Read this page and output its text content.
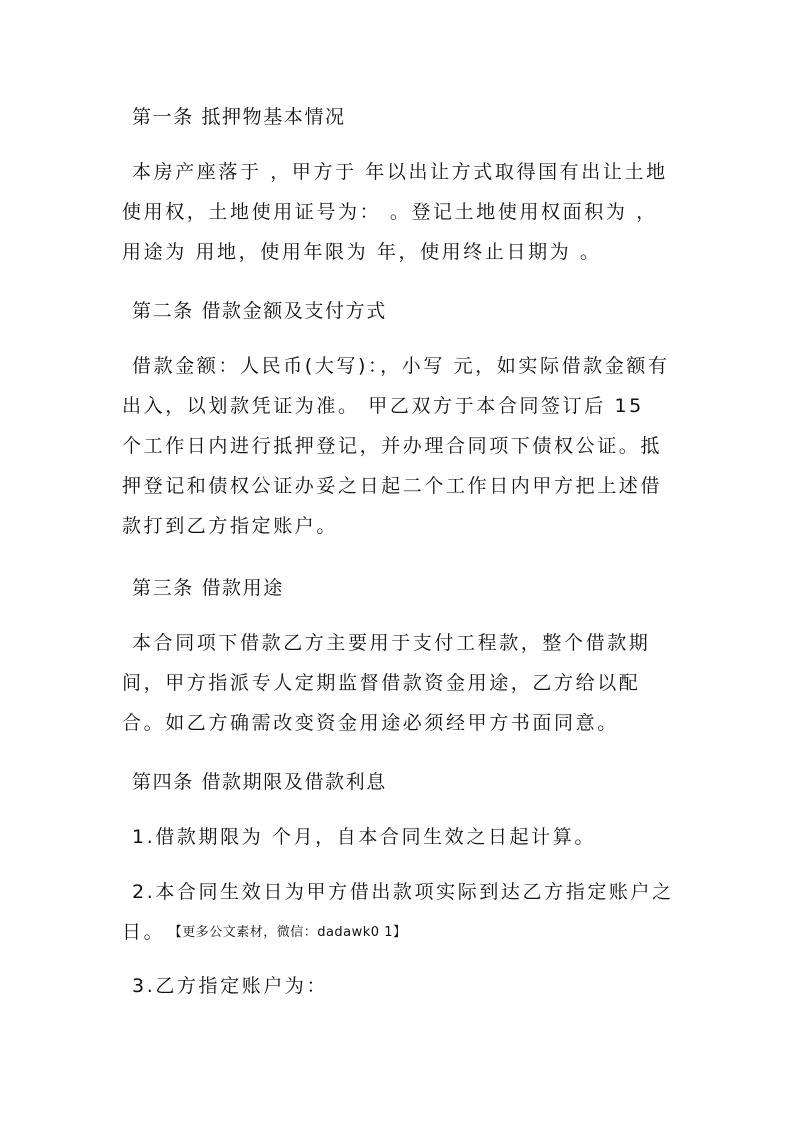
第一条 抵押物基本情况

本房产座落于 ，甲方于 年以出让方式取得国有出让土地使用权，土地使用证号为： 。登记土地使用权面积为 ，用途为 用地，使用年限为 年，使用终止日期为 。

第二条 借款金额及支付方式

借款金额：人民币(大写)：，小写 元，如实际借款金额有出入，以划款凭证为准。 甲乙双方于本合同签订后 15 个工作日内进行抵押登记，并办理合同项下债权公证。抵押登记和债权公证办妥之日起二个工作日内甲方把上述借款打到乙方指定账户。

第三条 借款用途

本合同项下借款乙方主要用于支付工程款，整个借款期间，甲方指派专人定期监督借款资金用途，乙方给以配合。如乙方确需改变资金用途必须经甲方书面同意。

第四条 借款期限及借款利息

1.借款期限为 个月，自本合同生效之日起计算。

2.本合同生效日为甲方借出款项实际到达乙方指定账户之日。 【更多公文素材，微信：dadawk0 1】

3.乙方指定账户为：
